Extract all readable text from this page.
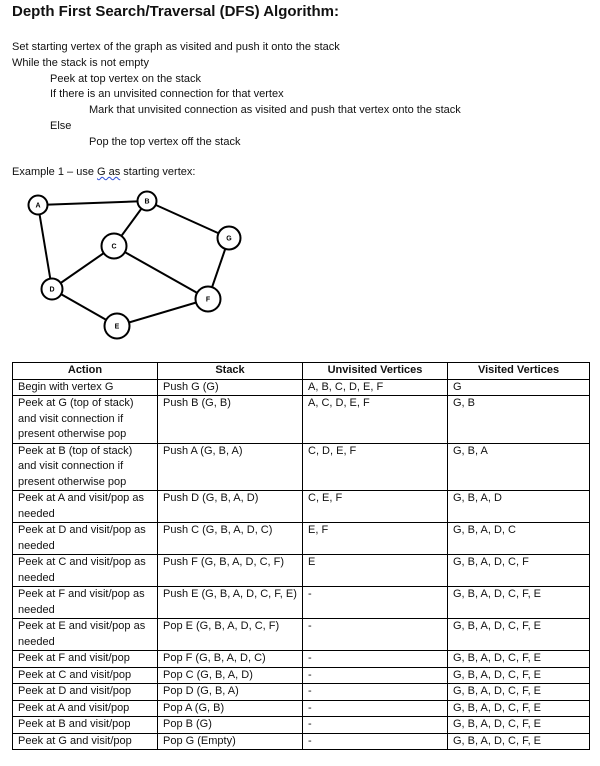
Depth First Search/Traversal (DFS) Algorithm:
Set starting vertex of the graph as visited and push it onto the stack
While the stack is not empty
Peek at top vertex on the stack
If there is an unvisited connection for that vertex
Mark that unvisited connection as visited and push that vertex onto the stack
Else
Pop the top vertex off the stack
Example 1 – use G as starting vertex:
A
B
C
D
E
F
G
Action	Stack	Unvisited Vertices	Visited Vertices
Begin with vertex G	Push G (G)	A, B, C, D, E, F	G
Peek at G (top of stack) and visit connection if present otherwise pop	Push B (G, B)	A, C, D, E, F	G, B
Peek at B (top of stack) and visit connection if present otherwise pop	Push A (G, B, A)	C, D, E, F	G, B, A
Peek at A and visit/pop as needed	Push D (G, B, A, D)	C, E, F	G, B, A, D
Peek at D and visit/pop as needed	Push C (G, B, A, D, C)	E, F	G, B, A, D, C
Peek at C and visit/pop as needed	Push F (G, B, A, D, C, F)	E	G, B, A, D, C, F
Peek at F and visit/pop as needed	Push E (G, B, A, D, C, F, E)	-	G, B, A, D, C, F, E
Peek at E and visit/pop as needed	Pop E (G, B, A, D, C, F)	-	G, B, A, D, C, F, E
Peek at F and visit/pop	Pop F (G, B, A, D, C)	-	G, B, A, D, C, F, E
Peek at C and visit/pop	Pop C (G, B, A, D)	-	G, B, A, D, C, F, E
Peek at D and visit/pop	Pop D (G, B, A)	-	G, B, A, D, C, F, E
Peek at A and visit/pop	Pop A (G, B)	-	G, B, A, D, C, F, E
Peek at B and visit/pop	Pop B (G)	-	G, B, A, D, C, F, E
Peek at G and visit/pop	Pop G (Empty)	-	G, B, A, D, C, F, E
